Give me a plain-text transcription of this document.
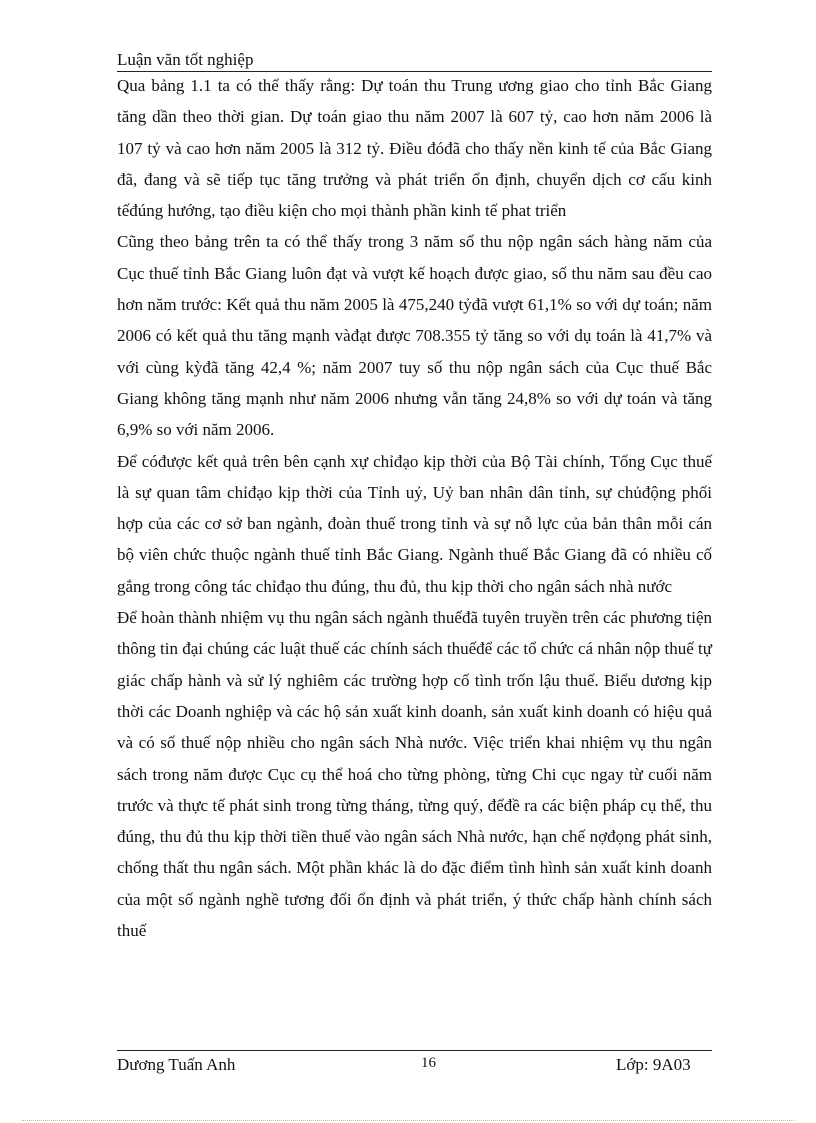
Luận văn tốt nghiệp

Qua bảng 1.1 ta có thể thấy rằng: Dự toán thu Trung ương giao cho tỉnh Bắc Giang tăng dần theo thời gian. Dự toán giao thu năm 2007 là 607 tỷ, cao hơn năm 2006 là 107 tỷ và cao hơn năm 2005 là 312 tỷ. Điều đóđã cho thấy nền kinh tế của Bắc Giang đã, đang và sẽ tiếp tục tăng trưởng và phát triển ổn định, chuyển dịch cơ cấu kinh tếđúng hướng, tạo điều kiện cho mọi thành phần kinh tế phat triển

Cũng theo bảng trên ta có thể thấy trong 3 năm số thu nộp ngân sách hàng năm của Cục thuế tỉnh Bắc Giang luôn đạt và vượt kế hoạch được giao, số thu năm sau đều cao hơn năm trước: Kết quả thu năm 2005 là 475,240 tỷđã vượt 61,1% so với dự toán; năm 2006 có kết quả thu tăng mạnh vàđạt được 708.355 tỷ tăng so với dụ toán là 41,7% và với cùng kỳđã tăng 42,4 %; năm 2007 tuy số thu nộp ngân sách của Cục thuế Bắc Giang không tăng mạnh như năm 2006 nhưng vẫn tăng 24,8% so với dự toán và tăng 6,9% so với năm 2006.

Để cóđược kết quả trên bên cạnh xự chỉđạo kịp thời của Bộ Tài chính, Tổng Cục thuế là sự quan tâm chỉđạo kịp thời của Tỉnh uỷ, Uỷ ban nhân dân tỉnh, sự chủđộng phối hợp của các cơ sở ban ngành, đoàn thuế trong tỉnh và sự nỗ lực của bản thân mỗi cán bộ viên chức thuộc ngành thuế tỉnh Bắc Giang. Ngành thuế Bắc Giang đã có nhiều cố gắng trong công tác chỉđạo thu đúng, thu đủ, thu kịp thời cho ngân sách nhà nước

Để hoàn thành nhiệm vụ thu ngân sách ngành thuếđã tuyên truyền trên các phương tiện thông tin đại chúng các luật thuế các chính sách thuếđể các tổ chức cá nhân nộp thuế tự giác chấp hành và sử lý nghiêm các trường hợp cố tình trốn lậu thuế. Biểu dương kịp thời các Doanh nghiệp và các hộ sản xuất kinh doanh, sản xuất kinh doanh có hiệu quả và có số thuế nộp nhiều cho ngân sách Nhà nước. Việc triển khai nhiệm vụ thu ngân sách trong năm được Cục cụ thể hoá cho từng phòng, từng Chi cục ngay từ cuối năm trước và thực tế phát sinh trong từng tháng, từng quý, đểđề ra các biện pháp cụ thể, thu đúng, thu đủ thu kịp thời tiền thuế vào ngân sách Nhà nước, hạn chế nợđọng phát sinh, chống thất thu ngân sách. Một phần khác là do đặc điểm tình hình sản xuất kinh doanh của một số ngành nghề tương đối ổn định và phát triển, ý thức chấp hành chính sách thuế

Dương Tuấn Anh	16	Lớp: 9A03
